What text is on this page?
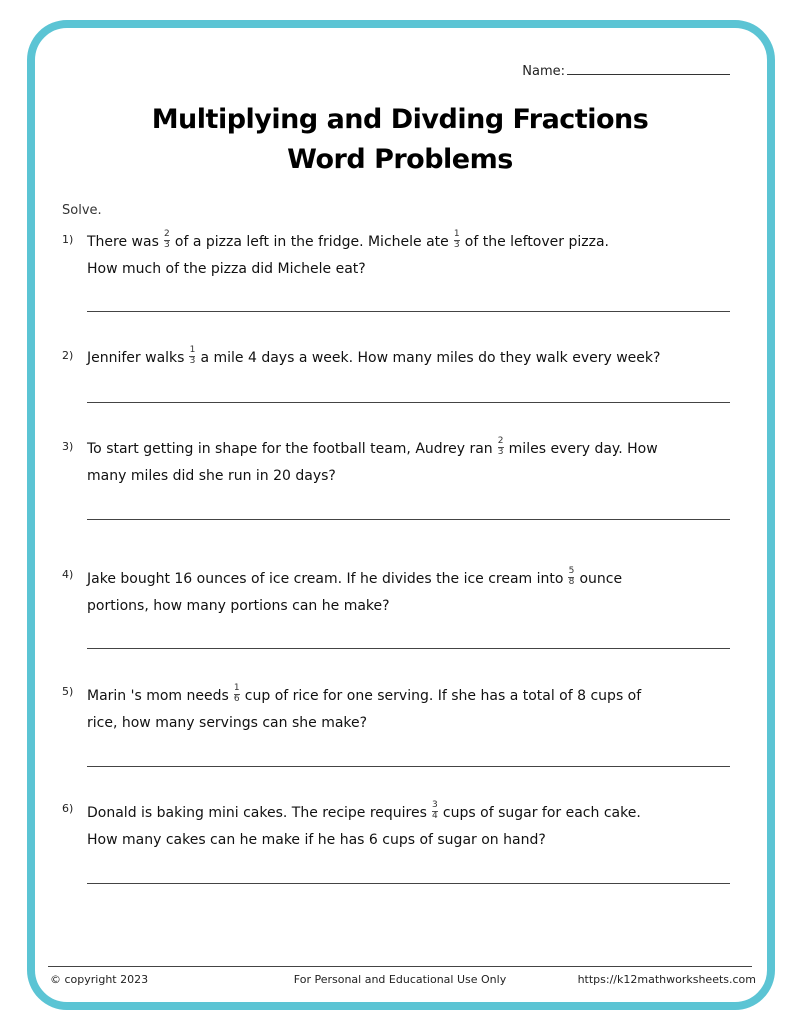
Name:
Multiplying and Divding Fractions
Word Problems
Solve.
1) There was $\frac{2}{3}$ of a pizza left in the fridge. Michele ate $\frac{1}{3}$ of the leftover pizza.
How much of the pizza did Michele eat?
2) Jennifer walks $\frac{1}{3}$ a mile 4 days a week. How many miles do they walk every week?
3) To start getting in shape for the football team, Audrey ran $\frac{2}{3}$ miles every day. How
many miles did she run in 20 days?
4) Jake bought 16 ounces of ice cream. If he divides the ice cream into $\frac{5}{8}$ ounce
portions, how many portions can he make?
5) Marin 's mom needs $\frac{1}{6}$ cup of rice for one serving. If she has a total of 8 cups of
rice, how many servings can she make?
6) Donald is baking mini cakes. The recipe requires $\frac{3}{4}$ cups of sugar for each cake.
How many cakes can he make if he has 6 cups of sugar on hand?
© copyright 2023	For Personal and Educational Use Only	https://k12mathworksheets.com
